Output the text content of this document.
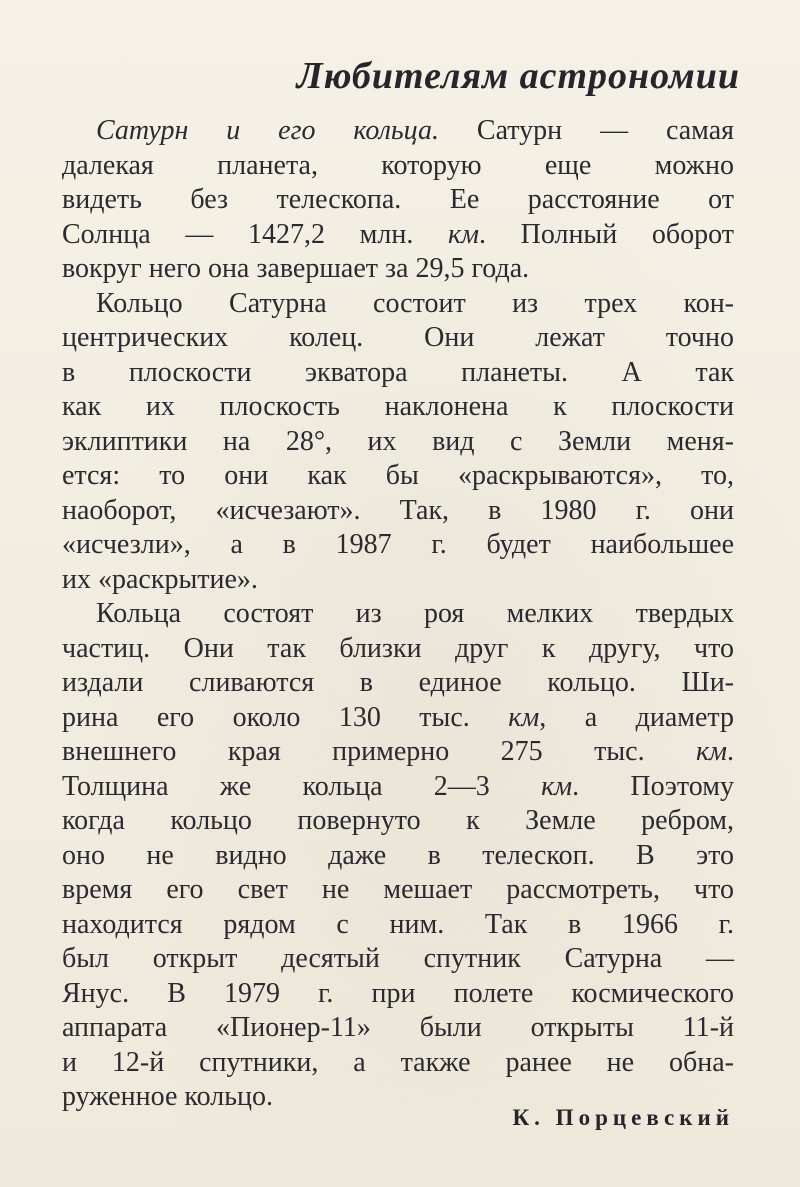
Любителям астрономии
Сатурн и его кольца. Сатурн — самая
далекая планета, которую еще можно
видеть без телескопа. Ее расстояние от
Солнца — 1427,2 млн. км. Полный оборот
вокруг него она завершает за 29,5 года.
Кольцо Сатурна состоит из трех кон-
центрических колец. Они лежат точно
в плоскости экватора планеты. А так
как их плоскость наклонена к плоскости
эклиптики на 28°, их вид с Земли меня-
ется: то они как бы «раскрываются», то,
наоборот, «исчезают». Так, в 1980 г. они
«исчезли», а в 1987 г. будет наибольшее
их «раскрытие».
Кольца состоят из роя мелких твердых
частиц. Они так близки друг к другу, что
издали сливаются в единое кольцо. Ши-
рина его около 130 тыс. км, а диаметр
внешнего края примерно 275 тыс. км.
Толщина же кольца 2—3 км. Поэтому
когда кольцо повернуто к Земле ребром,
оно не видно даже в телескоп. В это
время его свет не мешает рассмотреть, что
находится рядом с ним. Так в 1966 г.
был открыт десятый спутник Сатурна —
Янус. В 1979 г. при полете космического
аппарата «Пионер-11» были открыты 11-й
и 12-й спутники, а также ранее не обна-
руженное кольцо.

К. Порцевский
